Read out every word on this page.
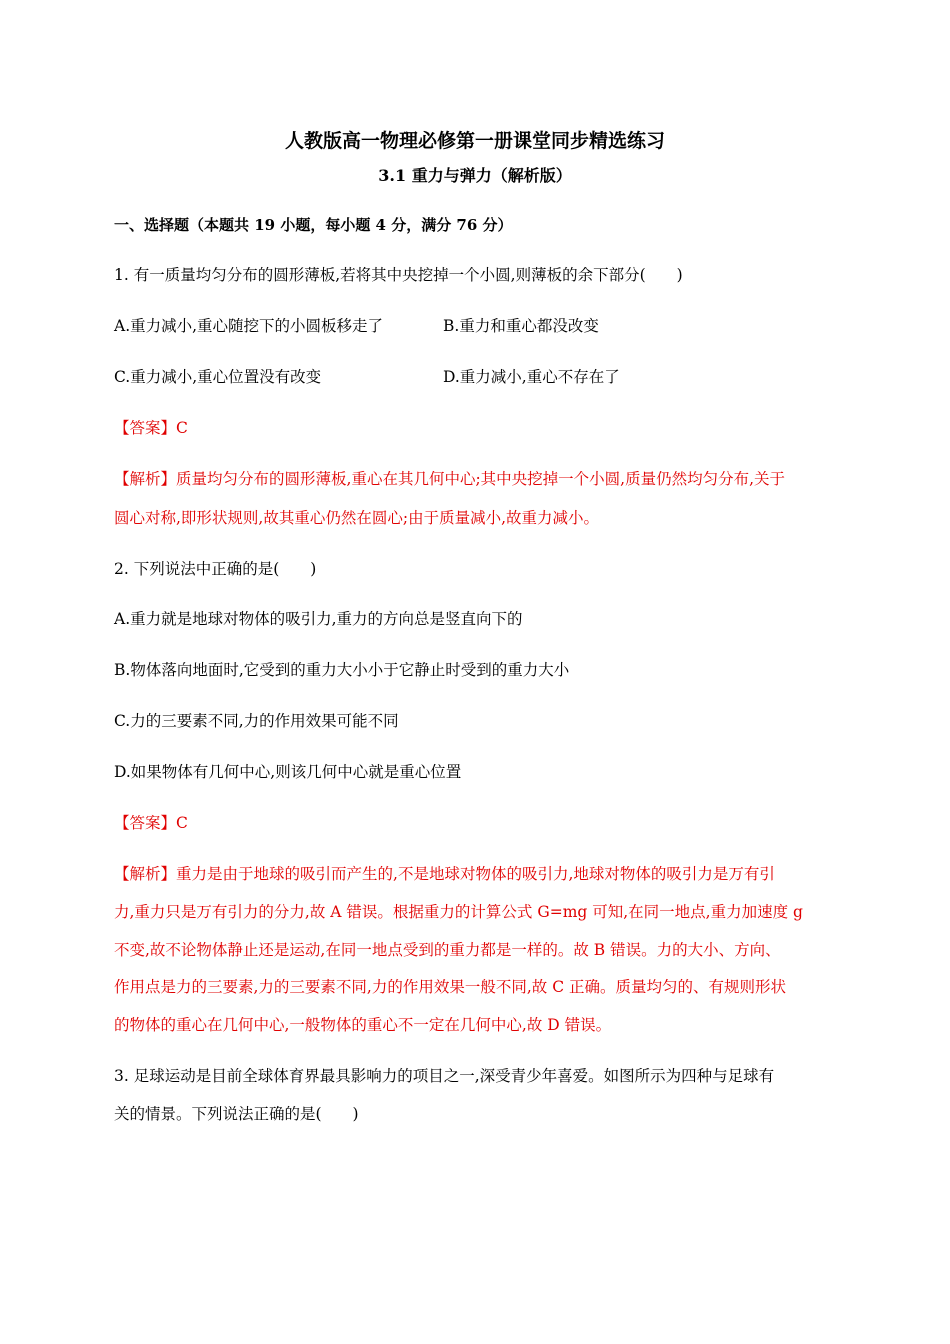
人教版高一物理必修第一册课堂同步精选练习
3.1 重力与弹力（解析版）
一、选择题（本题共 19 小题，每小题 4 分，满分 76 分）
1. 有一质量均匀分布的圆形薄板,若将其中央挖掉一个小圆,则薄板的余下部分(　　)
A.重力减小,重心随挖下的小圆板移走了	B.重力和重心都没改变
C.重力减小,重心位置没有改变	D.重力减小,重心不存在了
【答案】C
【解析】质量均匀分布的圆形薄板,重心在其几何中心;其中央挖掉一个小圆,质量仍然均匀分布,关于
圆心对称,即形状规则,故其重心仍然在圆心;由于质量减小,故重力减小。
2. 下列说法中正确的是(　　)
A.重力就是地球对物体的吸引力,重力的方向总是竖直向下的
B.物体落向地面时,它受到的重力大小小于它静止时受到的重力大小
C.力的三要素不同,力的作用效果可能不同
D.如果物体有几何中心,则该几何中心就是重心位置
【答案】C
【解析】重力是由于地球的吸引而产生的,不是地球对物体的吸引力,地球对物体的吸引力是万有引
力,重力只是万有引力的分力,故 A 错误。根据重力的计算公式 G=mg 可知,在同一地点,重力加速度 g
不变,故不论物体静止还是运动,在同一地点受到的重力都是一样的。故 B 错误。力的大小、方向、
作用点是力的三要素,力的三要素不同,力的作用效果一般不同,故 C 正确。质量均匀的、有规则形状
的物体的重心在几何中心,一般物体的重心不一定在几何中心,故 D 错误。
3. 足球运动是目前全球体育界最具影响力的项目之一,深受青少年喜爱。如图所示为四种与足球有
关的情景。下列说法正确的是(　　)
